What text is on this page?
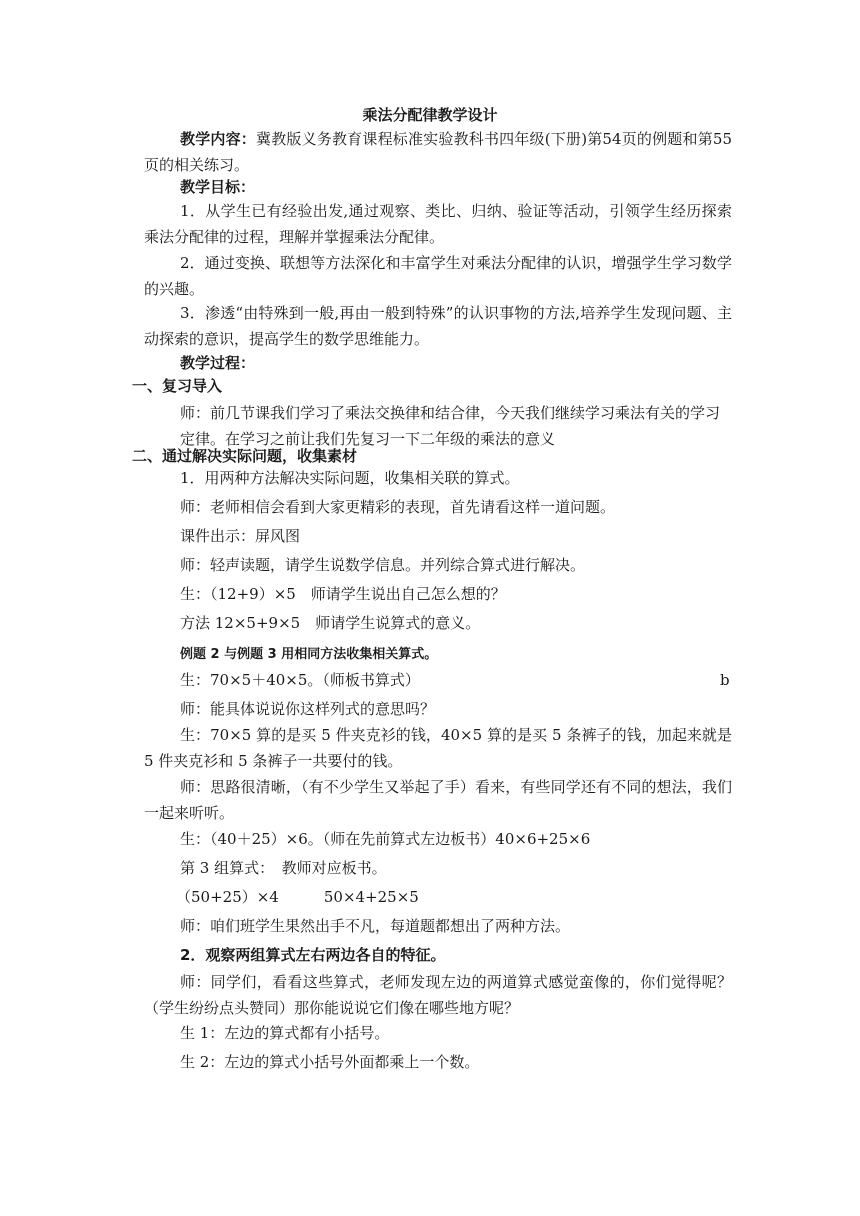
乘法分配律教学设计

教学内容：冀教版义务教育课程标准实验教科书四年级(下册)第54页的例题和第55页的相关练习。

教学目标：

1．从学生已有经验出发,通过观察、类比、归纳、验证等活动，引领学生经历探索乘法分配律的过程，理解并掌握乘法分配律。

2．通过变换、联想等方法深化和丰富学生对乘法分配律的认识，增强学生学习数学的兴趣。

3．渗透“由特殊到一般,再由一般到特殊”的认识事物的方法,培养学生发现问题、主动探索的意识，提高学生的数学思维能力。

教学过程：

一、复习导入

师：前几节课我们学习了乘法交换律和结合律，今天我们继续学习乘法有关的学习定律。在学习之前让我们先复习一下二年级的乘法的意义

二、通过解决实际问题，收集素材

1．用两种方法解决实际问题，收集相关联的算式。

师：老师相信会看到大家更精彩的表现，首先请看这样一道问题。

课件出示：屏风图

师：轻声读题，请学生说数学信息。并列综合算式进行解决。

生：（12+9）×5　师请学生说出自己怎么想的？

方法 12×5+9×5　师请学生说算式的意义。

例题 2 与例题 3 用相同方法收集相关算式。

生：70×5＋40×5。（师板书算式）	b

师：能具体说说你这样列式的意思吗？

生：70×5 算的是买 5 件夹克衫的钱，40×5 算的是买 5 条裤子的钱，加起来就是 5 件夹克衫和 5 条裤子一共要付的钱。

师：思路很清晰，（有不少学生又举起了手）看来，有些同学还有不同的想法，我们一起来听听。

生：（40＋25）×6。（师在先前算式左边板书）40×6+25×6

第 3 组算式：　教师对应板书。

（50+25）×4　　　50×4+25×5

师：咱们班学生果然出手不凡，每道题都想出了两种方法。

2．观察两组算式左右两边各自的特征。

师：同学们，看看这些算式，老师发现左边的两道算式感觉蛮像的，你们觉得呢？（学生纷纷点头赞同）那你能说说它们像在哪些地方呢？

生 1：左边的算式都有小括号。

生 2：左边的算式小括号外面都乘上一个数。
